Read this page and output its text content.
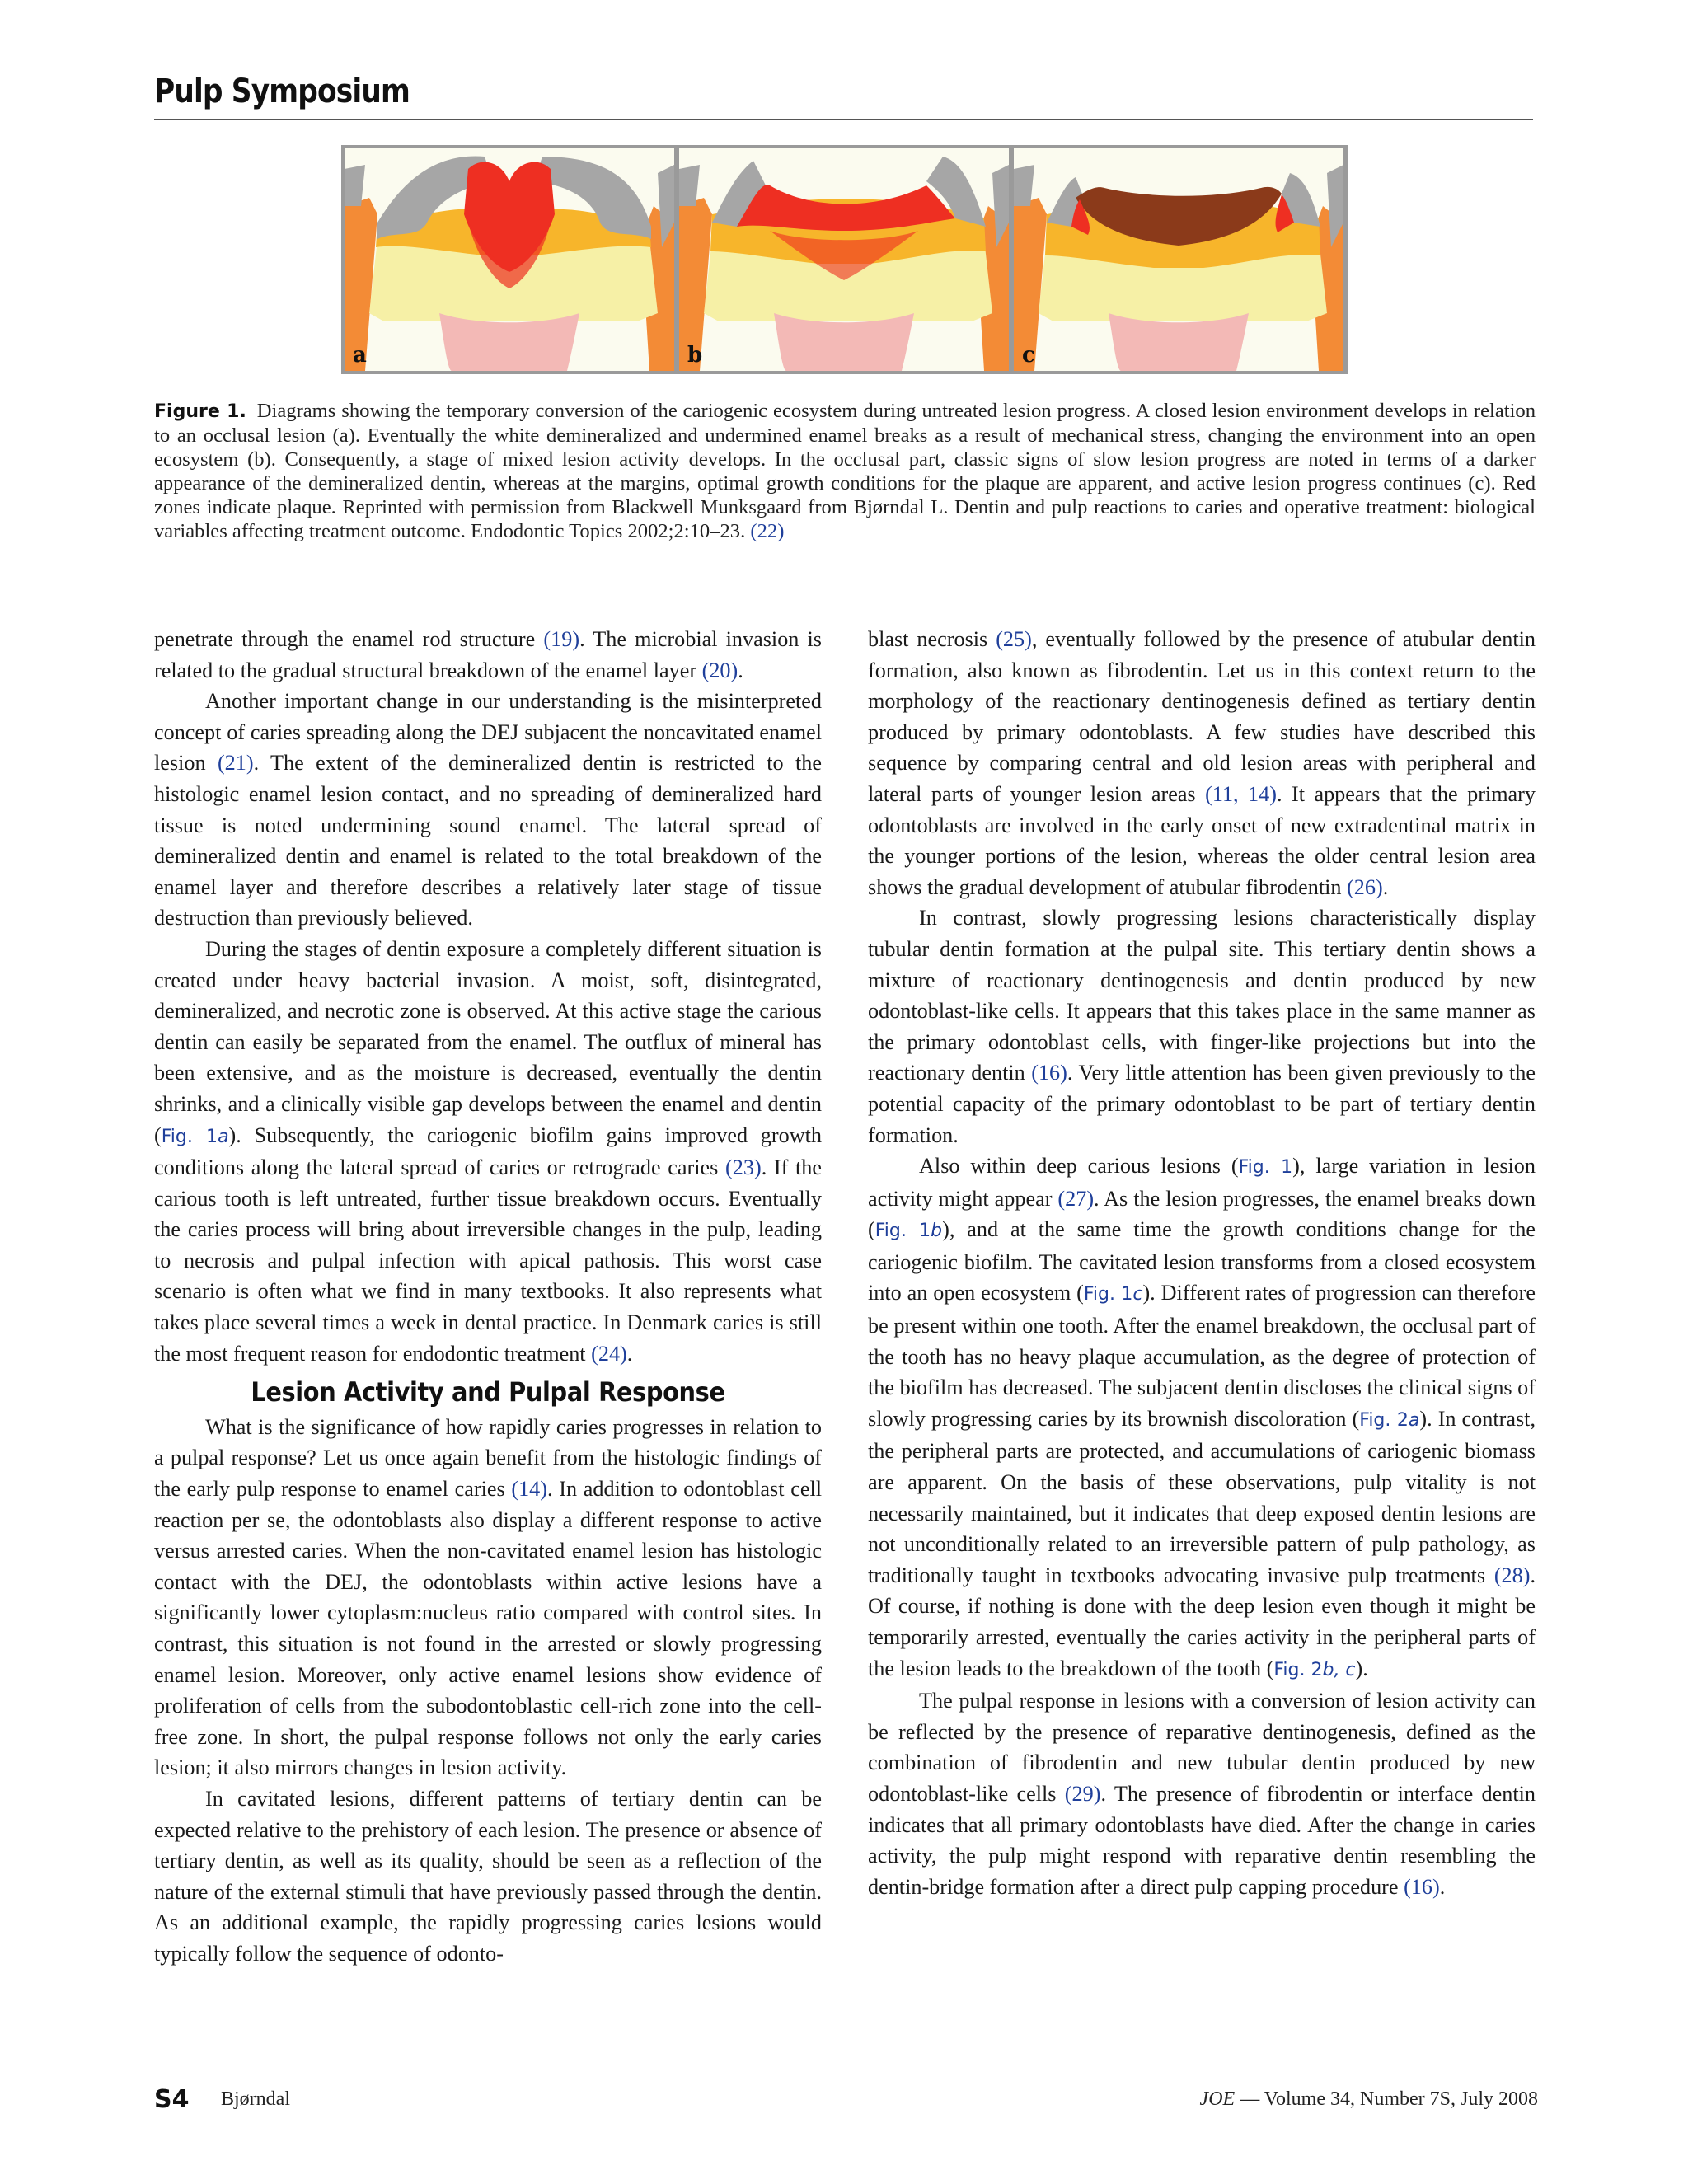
Pulp Symposium
a	b	c
Figure 1. Diagrams showing the temporary conversion of the cariogenic ecosystem during untreated lesion progress. A closed lesion environment develops in relation to an occlusal lesion (a). Eventually the white demineralized and undermined enamel breaks as a result of mechanical stress, changing the environment into an open ecosystem (b). Consequently, a stage of mixed lesion activity develops. In the occlusal part, classic signs of slow lesion progress are noted in terms of a darker appearance of the demineralized dentin, whereas at the margins, optimal growth conditions for the plaque are apparent, and active lesion progress continues (c). Red zones indicate plaque. Reprinted with permission from Blackwell Munksgaard from Bjørndal L. Dentin and pulp reactions to caries and operative treatment: biological variables affecting treatment outcome. Endodontic Topics 2002;2:10–23. (22)

penetrate through the enamel rod structure (19). The microbial invasion is related to the gradual structural breakdown of the enamel layer (20).

Another important change in our understanding is the misinterpreted concept of caries spreading along the DEJ subjacent the noncavitated enamel lesion (21). The extent of the demineralized dentin is restricted to the histologic enamel lesion contact, and no spreading of demineralized hard tissue is noted undermining sound enamel. The lateral spread of demineralized dentin and enamel is related to the total breakdown of the enamel layer and therefore describes a relatively later stage of tissue destruction than previously believed.

During the stages of dentin exposure a completely different situation is created under heavy bacterial invasion. A moist, soft, disintegrated, demineralized, and necrotic zone is observed. At this active stage the carious dentin can easily be separated from the enamel. The outflux of mineral has been extensive, and as the moisture is decreased, eventually the dentin shrinks, and a clinically visible gap develops between the enamel and dentin (Fig. 1a). Subsequently, the cariogenic biofilm gains improved growth conditions along the lateral spread of caries or retrograde caries (23). If the carious tooth is left untreated, further tissue breakdown occurs. Eventually the caries process will bring about irreversible changes in the pulp, leading to necrosis and pulpal infection with apical pathosis. This worst case scenario is often what we find in many textbooks. It also represents what takes place several times a week in dental practice. In Denmark caries is still the most frequent reason for endodontic treatment (24).

Lesion Activity and Pulpal Response

What is the significance of how rapidly caries progresses in relation to a pulpal response? Let us once again benefit from the histologic findings of the early pulp response to enamel caries (14). In addition to odontoblast cell reaction per se, the odontoblasts also display a different response to active versus arrested caries. When the non-cavitated enamel lesion has histologic contact with the DEJ, the odontoblasts within active lesions have a significantly lower cytoplasm:nucleus ratio compared with control sites. In contrast, this situation is not found in the arrested or slowly progressing enamel lesion. Moreover, only active enamel lesions show evidence of proliferation of cells from the subodontoblastic cell-rich zone into the cell-free zone. In short, the pulpal response follows not only the early caries lesion; it also mirrors changes in lesion activity.

In cavitated lesions, different patterns of tertiary dentin can be expected relative to the prehistory of each lesion. The presence or absence of tertiary dentin, as well as its quality, should be seen as a reflection of the nature of the external stimuli that have previously passed through the dentin. As an additional example, the rapidly progressing caries lesions would typically follow the sequence of odonto-

blast necrosis (25), eventually followed by the presence of atubular dentin formation, also known as fibrodentin. Let us in this context return to the morphology of the reactionary dentinogenesis defined as tertiary dentin produced by primary odontoblasts. A few studies have described this sequence by comparing central and old lesion areas with peripheral and lateral parts of younger lesion areas (11, 14). It appears that the primary odontoblasts are involved in the early onset of new extradentinal matrix in the younger portions of the lesion, whereas the older central lesion area shows the gradual development of atubular fibrodentin (26).

In contrast, slowly progressing lesions characteristically display tubular dentin formation at the pulpal site. This tertiary dentin shows a mixture of reactionary dentinogenesis and dentin produced by new odontoblast-like cells. It appears that this takes place in the same manner as the primary odontoblast cells, with finger-like projections but into the reactionary dentin (16). Very little attention has been given previously to the potential capacity of the primary odontoblast to be part of tertiary dentin formation.

Also within deep carious lesions (Fig. 1), large variation in lesion activity might appear (27). As the lesion progresses, the enamel breaks down (Fig. 1b), and at the same time the growth conditions change for the cariogenic biofilm. The cavitated lesion transforms from a closed ecosystem into an open ecosystem (Fig. 1c). Different rates of progression can therefore be present within one tooth. After the enamel breakdown, the occlusal part of the tooth has no heavy plaque accumulation, as the degree of protection of the biofilm has decreased. The subjacent dentin discloses the clinical signs of slowly progressing caries by its brownish discoloration (Fig. 2a). In contrast, the peripheral parts are protected, and accumulations of cariogenic biomass are apparent. On the basis of these observations, pulp vitality is not necessarily maintained, but it indicates that deep exposed dentin lesions are not unconditionally related to an irreversible pattern of pulp pathology, as traditionally taught in textbooks advocating invasive pulp treatments (28). Of course, if nothing is done with the deep lesion even though it might be temporarily arrested, eventually the caries activity in the peripheral parts of the lesion leads to the breakdown of the tooth (Fig. 2b, c).

The pulpal response in lesions with a conversion of lesion activity can be reflected by the presence of reparative dentinogenesis, defined as the combination of fibrodentin and new tubular dentin produced by new odontoblast-like cells (29). The presence of fibrodentin or interface dentin indicates that all primary odontoblasts have died. After the change in caries activity, the pulp might respond with reparative dentin resembling the dentin-bridge formation after a direct pulp capping procedure (16).

S4 Bjørndal	JOE — Volume 34, Number 7S, July 2008
